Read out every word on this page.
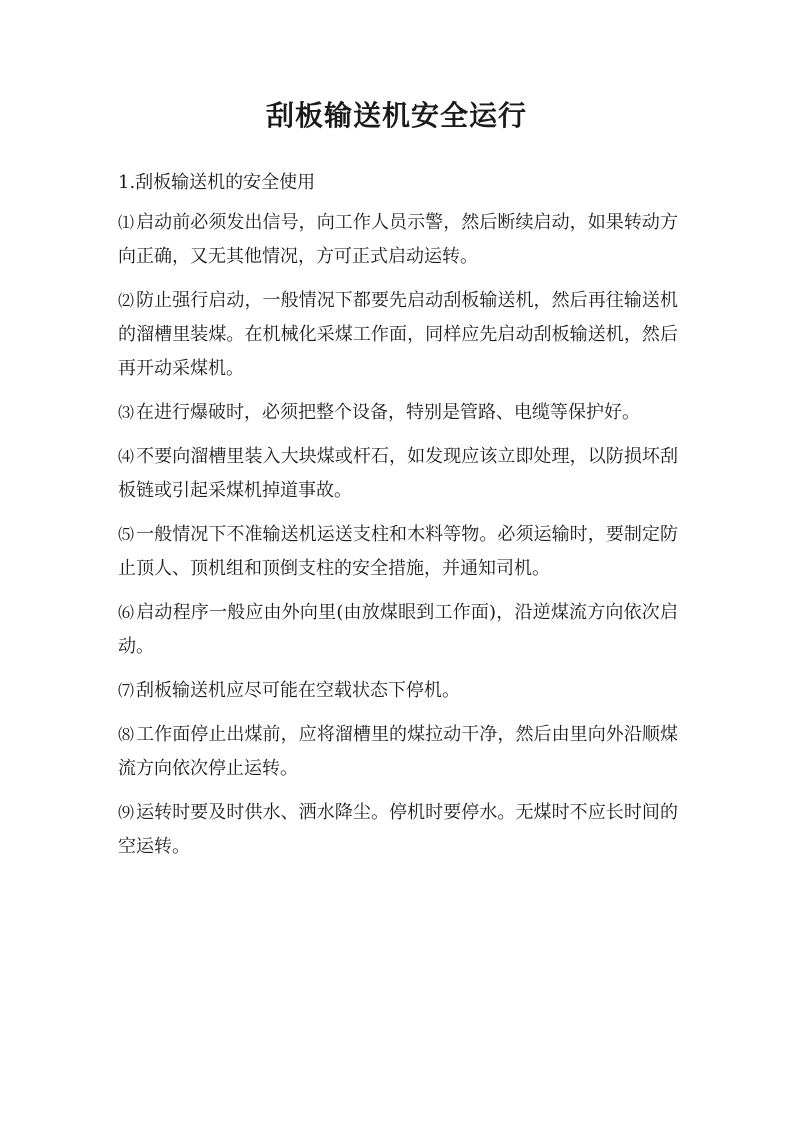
刮板输送机安全运行

1.刮板输送机的安全使用

⑴ 启动前必须发出信号，向工作人员示警，然后断续启动，如果转动方向正确，又无其他情况，方可正式启动运转。

⑵ 防止强行启动，一般情况下都要先启动刮板输送机，然后再往输送机的溜槽里装煤。在机械化采煤工作面，同样应先启动刮板输送机，然后再开动采煤机。

⑶ 在进行爆破时，必须把整个设备，特别是管路、电缆等保护好。

⑷ 不要向溜槽里装入大块煤或杆石，如发现应该立即处理，以防损坏刮板链或引起采煤机掉道事故。

⑸ 一般情况下不准输送机运送支柱和木料等物。必须运输时，要制定防止顶人、顶机组和顶倒支柱的安全措施，并通知司机。

⑹ 启动程序一般应由外向里(由放煤眼到工作面)，沿逆煤流方向依次启动。

⑺ 刮板输送机应尽可能在空载状态下停机。

⑻ 工作面停止出煤前，应将溜槽里的煤拉动干净，然后由里向外沿顺煤流方向依次停止运转。

⑼ 运转时要及时供水、洒水降尘。停机时要停水。无煤时不应长时间的空运转。
